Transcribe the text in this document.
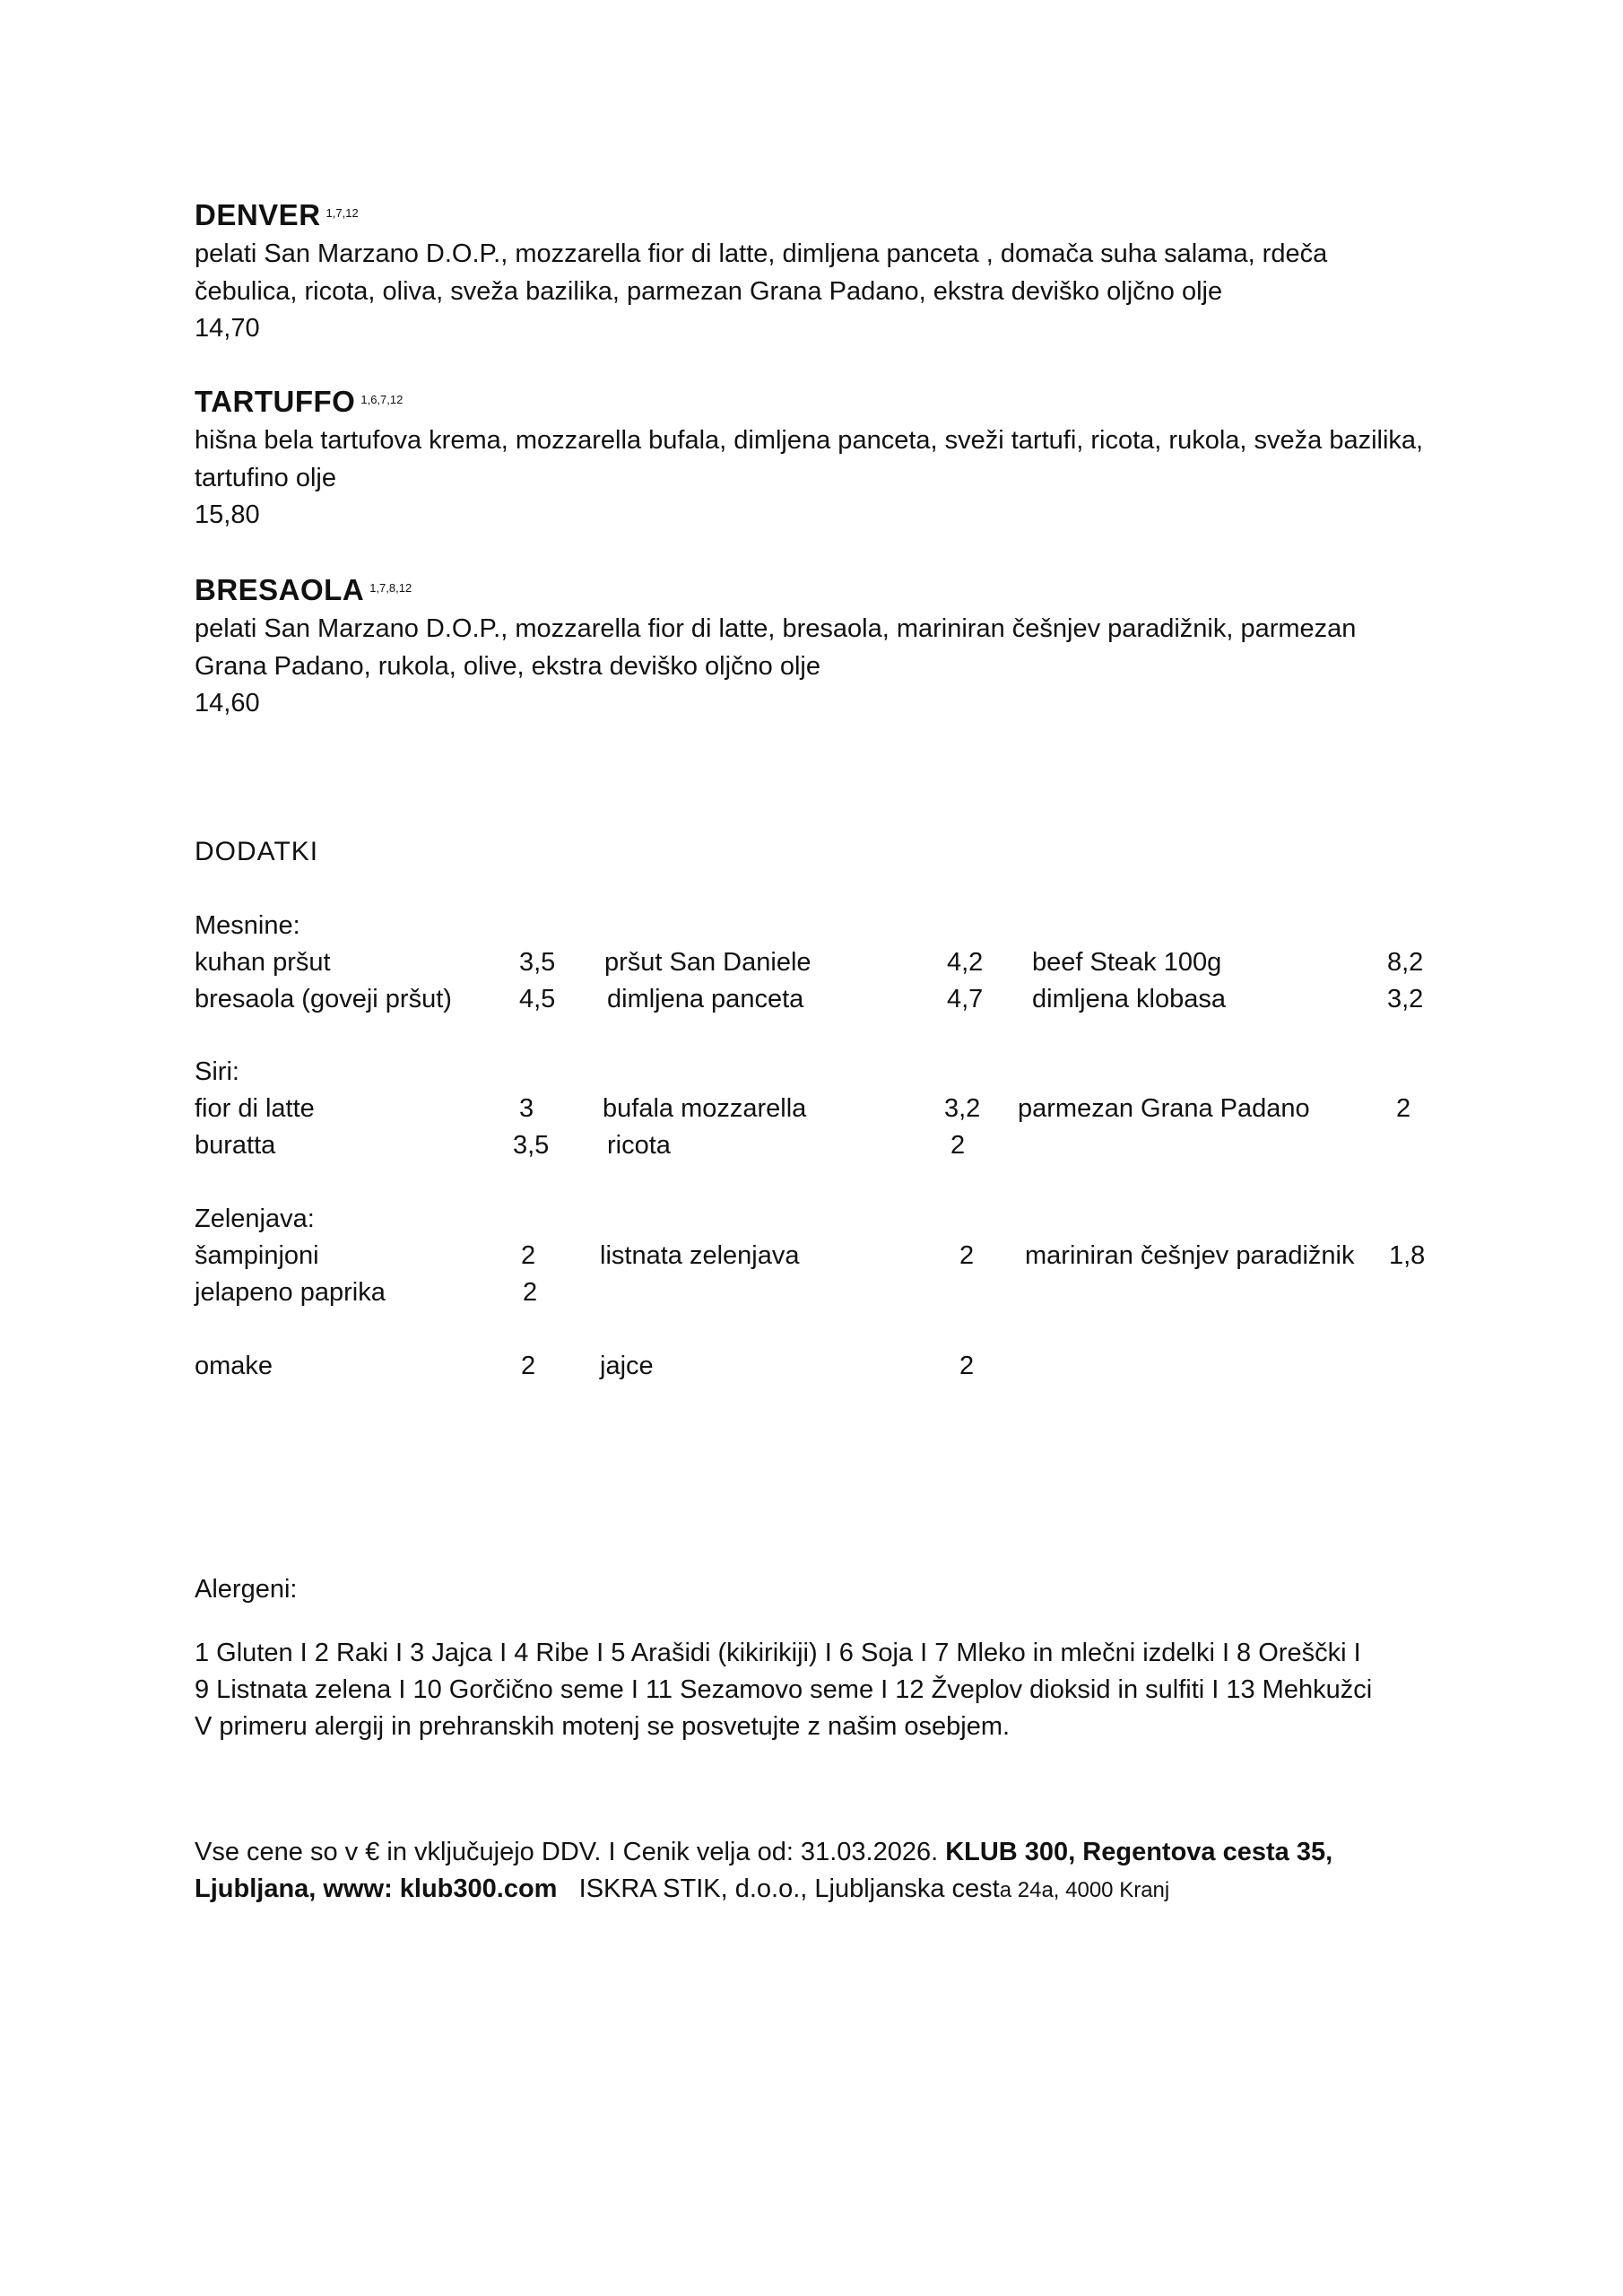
DENVER $^{1,7,12}$
pelati San Marzano D.O.P., mozzarella fior di latte, dimljena panceta , domača suha salama, rdeča čebulica, ricota, oliva, sveža bazilika, parmezan Grana Padano, ekstra deviško oljčno olje
14,70
TARTUFFO $^{1,6,7,12}$
hišna bela tartufova krema, mozzarella bufala, dimljena panceta, sveži tartufi, ricota, rukola, sveža bazilika, tartufino olje
15,80
BRESAOLA $^{1,7,8,12}$
pelati San Marzano D.O.P., mozzarella fior di latte, bresaola, mariniran češnjev paradižnik, parmezan Grana Padano, rukola, olive, ekstra deviško oljčno olje
14,60
DODATKI
Mesnine:
kuhan pršut	3,5 pršut San Daniele	4,2 beef Steak 100g	8,2
bresaola (goveji pršut)	4,5 dimljena panceta	4,7 dimljena klobasa	3,2
Siri:
fior di latte	3	bufala mozzarella	3,2 parmezan Grana Padano	2
buratta	3,5 ricota	2
Zelenjava:
šampinjoni	2 listnata zelenjava	2 mariniran češnjev paradižnik 1,8
jelapeno paprika	2
omake	2 jajce	2
Alergeni:
1 Gluten I 2 Raki I 3 Jajca I 4 Ribe I 5 Arašidi (kikirikiji) I 6 Soja I 7 Mleko in mlečni izdelki I 8 Oreščki I
9 Listnata zelena I 10 Gorčično seme I 11 Sezamovo seme I 12 Žveplov dioksid in sulfiti I 13 Mehkužci
V primeru alergij in prehranskih motenj se posvetujte z našim osebjem.
Vse cene so v € in vključujejo DDV. I Cenik velja od: 31.03.2026. KLUB 300, Regentova cesta 35,
Ljubljana, www: klub300.com ISKRA STIK, d.o.o., Ljubljanska cesta 24a, 4000 Kranj
